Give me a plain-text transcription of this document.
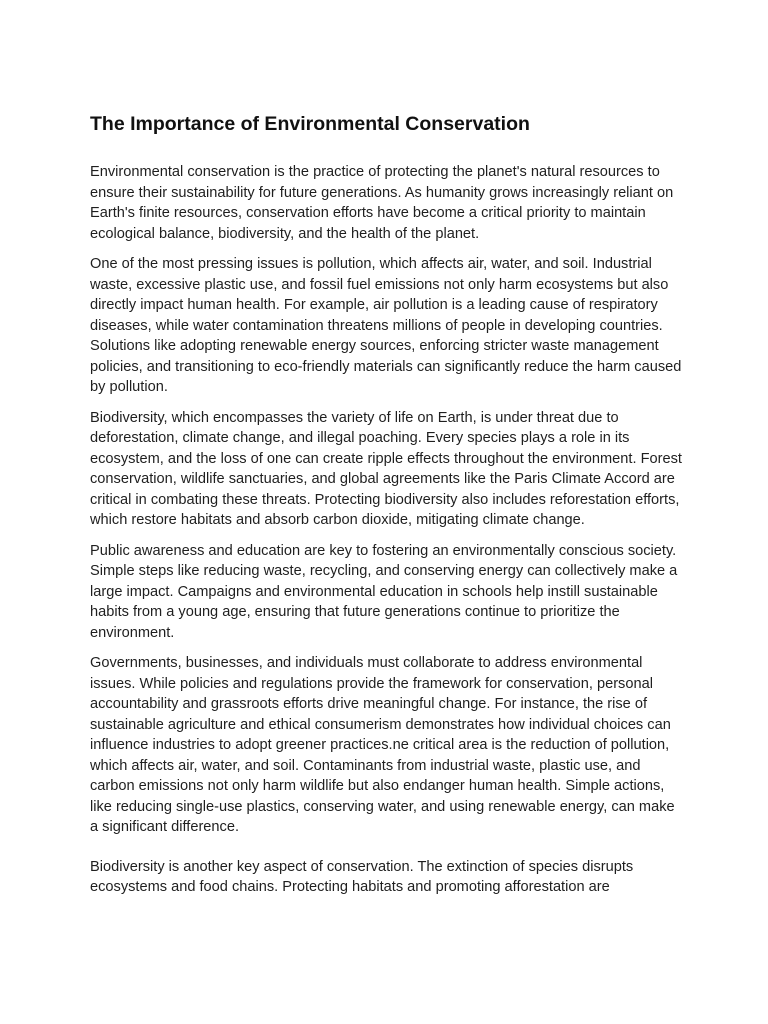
The Importance of Environmental Conservation

Environmental conservation is the practice of protecting the planet's natural resources to ensure their sustainability for future generations. As humanity grows increasingly reliant on Earth's finite resources, conservation efforts have become a critical priority to maintain ecological balance, biodiversity, and the health of the planet.

One of the most pressing issues is pollution, which affects air, water, and soil. Industrial waste, excessive plastic use, and fossil fuel emissions not only harm ecosystems but also directly impact human health. For example, air pollution is a leading cause of respiratory diseases, while water contamination threatens millions of people in developing countries. Solutions like adopting renewable energy sources, enforcing stricter waste management policies, and transitioning to eco-friendly materials can significantly reduce the harm caused by pollution.

Biodiversity, which encompasses the variety of life on Earth, is under threat due to deforestation, climate change, and illegal poaching. Every species plays a role in its ecosystem, and the loss of one can create ripple effects throughout the environment. Forest conservation, wildlife sanctuaries, and global agreements like the Paris Climate Accord are critical in combating these threats. Protecting biodiversity also includes reforestation efforts, which restore habitats and absorb carbon dioxide, mitigating climate change.

Public awareness and education are key to fostering an environmentally conscious society. Simple steps like reducing waste, recycling, and conserving energy can collectively make a large impact. Campaigns and environmental education in schools help instill sustainable habits from a young age, ensuring that future generations continue to prioritize the environment.

Governments, businesses, and individuals must collaborate to address environmental issues. While policies and regulations provide the framework for conservation, personal accountability and grassroots efforts drive meaningful change. For instance, the rise of sustainable agriculture and ethical consumerism demonstrates how individual choices can influence industries to adopt greener practices.ne critical area is the reduction of pollution, which affects air, water, and soil. Contaminants from industrial waste, plastic use, and carbon emissions not only harm wildlife but also endanger human health. Simple actions, like reducing single-use plastics, conserving water, and using renewable energy, can make a significant difference.

Biodiversity is another key aspect of conservation. The extinction of species disrupts ecosystems and food chains. Protecting habitats and promoting afforestation are
